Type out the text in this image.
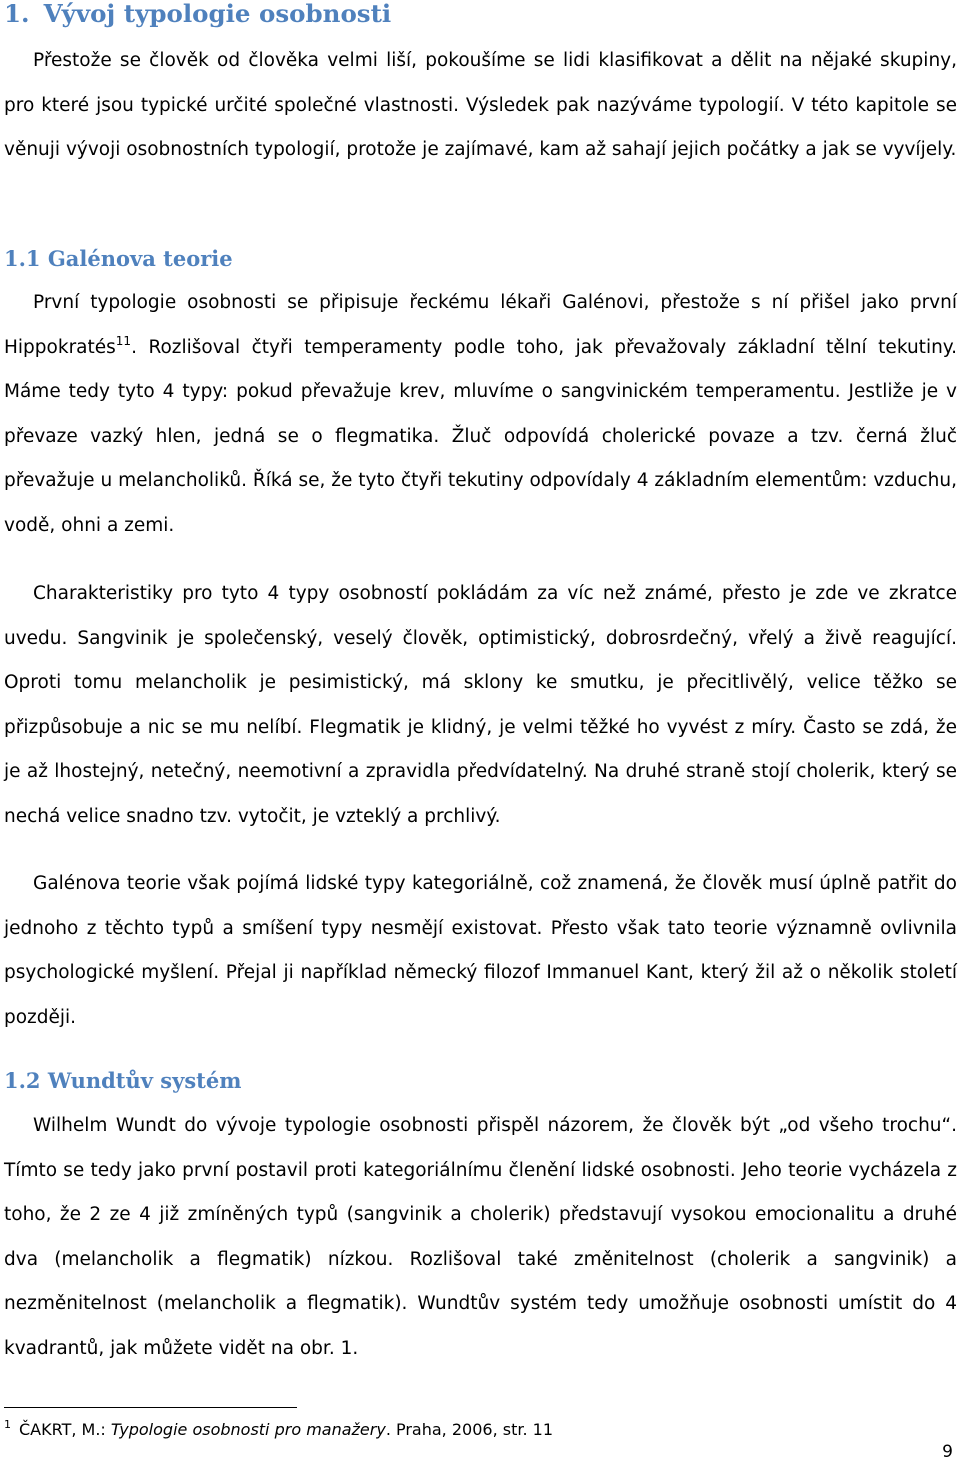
1. Vývoj typologie osobnosti

Přestože se člověk od člověka velmi liší, pokoušíme se lidi klasifikovat a dělit na nějaké skupiny, pro které jsou typické určité společné vlastnosti. Výsledek pak nazýváme typologií. V této kapitole se věnuji vývoji osobnostních typologií, protože je zajímavé, kam až sahají jejich počátky a jak se vyvíjely.

1.1 Galénova teorie

První typologie osobnosti se připisuje řeckému lékaři Galénovi, přestože s ní přišel jako první Hippokratés$^{11}$. Rozlišoval čtyři temperamenty podle toho, jak převažovaly základní tělní tekutiny. Máme tedy tyto 4 typy: pokud převažuje krev, mluvíme o sangvinickém temperamentu. Jestliže je v převaze vazký hlen, jedná se o flegmatika. Žluč odpovídá cholerické povaze a tzv. černá žluč převažuje u melancholiků. Říká se, že tyto čtyři tekutiny odpovídaly 4 základním elementům: vzduchu, vodě, ohni a zemi.

Charakteristiky pro tyto 4 typy osobností pokládám za víc než známé, přesto je zde ve zkratce uvedu. Sangvinik je společenský, veselý člověk, optimistický, dobrosrdečný, vřelý a živě reagující. Oproti tomu melancholik je pesimistický, má sklony ke smutku, je přecitlivělý, velice těžko se přizpůsobuje a nic se mu nelíbí. Flegmatik je klidný, je velmi těžké ho vyvést z míry. Často se zdá, že je až lhostejný, netečný, neemotivní a zpravidla předvídatelný. Na druhé straně stojí cholerik, který se nechá velice snadno tzv. vytočit, je vzteklý a prchlivý.

Galénova teorie však pojímá lidské typy kategoriálně, což znamená, že člověk musí úplně patřit do jednoho z těchto typů a smíšení typy nesmějí existovat. Přesto však tato teorie významně ovlivnila psychologické myšlení. Přejal ji například německý filozof Immanuel Kant, který žil až o několik století později.

1.2 Wundtův systém

Wilhelm Wundt do vývoje typologie osobnosti přispěl názorem, že člověk být „od všeho trochu“. Tímto se tedy jako první postavil proti kategoriálnímu členění lidské osobnosti. Jeho teorie vycházela z toho, že 2 ze 4 již zmíněných typů (sangvinik a cholerik) představují vysokou emocionalitu a druhé dva (melancholik a flegmatik) nízkou. Rozlišoval také změnitelnost (cholerik a sangvinik) a nezměnitelnost (melancholik a flegmatik). Wundtův systém tedy umožňuje osobnosti umístit do 4 kvadrantů, jak můžete vidět na obr. 1.

$^1$ ČAKRT, M.: Typologie osobnosti pro manažery. Praha, 2006, str. 11

9
